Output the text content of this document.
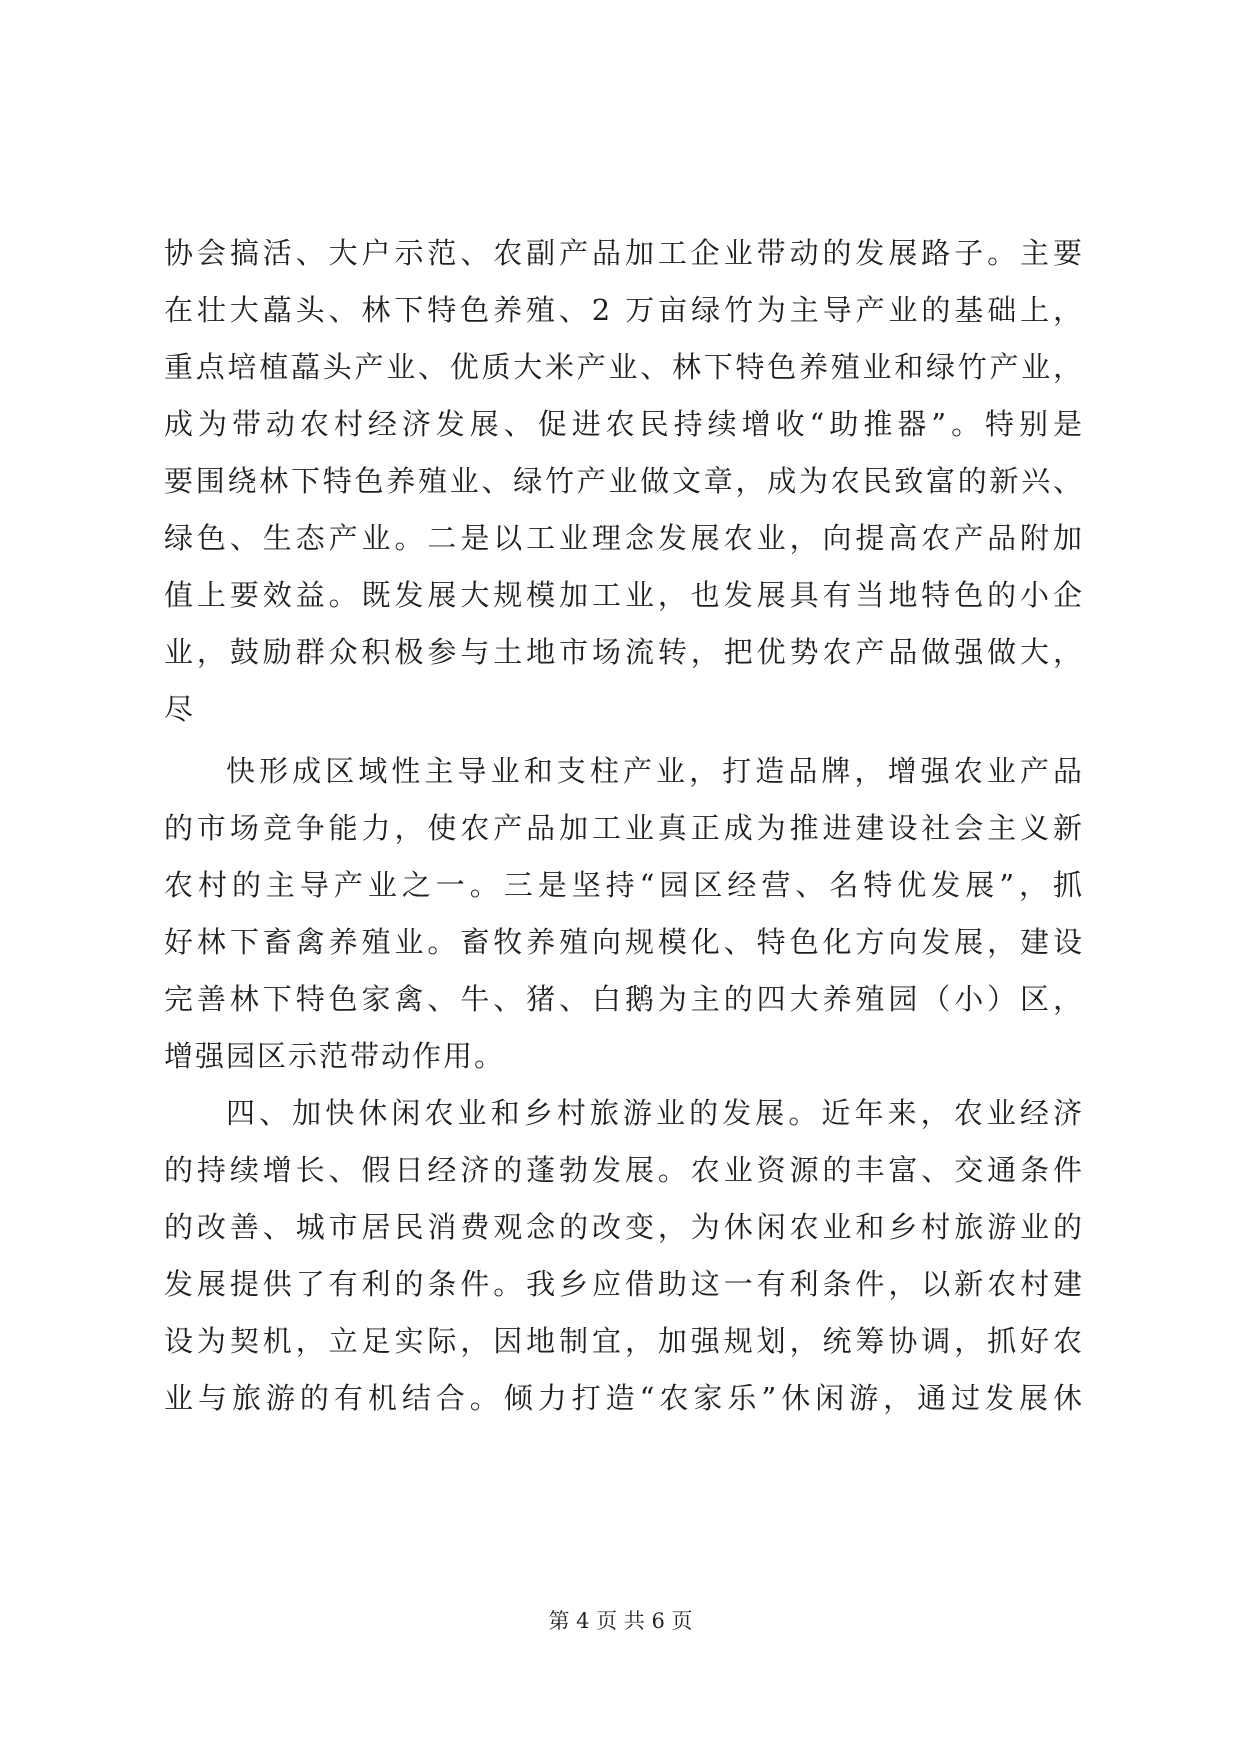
协会搞活、大户示范、农副产品加工企业带动的发展路子。主要
在壮大藠头、林下特色养殖、2 万亩绿竹为主导产业的基础上，
重点培植藠头产业、优质大米产业、林下特色养殖业和绿竹产业，
成为带动农村经济发展、促进农民持续增收“助推器”。特别是
要围绕林下特色养殖业、绿竹产业做文章，成为农民致富的新兴、
绿色、生态产业。二是以工业理念发展农业，向提高农产品附加
值上要效益。既发展大规模加工业，也发展具有当地特色的小企
业，鼓励群众积极参与土地市场流转，把优势农产品做强做大，
尽
快形成区域性主导业和支柱产业，打造品牌，增强农业产品
的市场竞争能力，使农产品加工业真正成为推进建设社会主义新
农村的主导产业之一。三是坚持“园区经营、名特优发展”，抓
好林下畜禽养殖业。畜牧养殖向规模化、特色化方向发展，建设
完善林下特色家禽、牛、猪、白鹅为主的四大养殖园（小）区，
增强园区示范带动作用。
四、加快休闲农业和乡村旅游业的发展。近年来，农业经济
的持续增长、假日经济的蓬勃发展。农业资源的丰富、交通条件
的改善、城市居民消费观念的改变，为休闲农业和乡村旅游业的
发展提供了有利的条件。我乡应借助这一有利条件，以新农村建
设为契机，立足实际，因地制宜，加强规划，统筹协调，抓好农
业与旅游的有机结合。倾力打造“农家乐”休闲游，通过发展休
第 4 页 共 6 页
